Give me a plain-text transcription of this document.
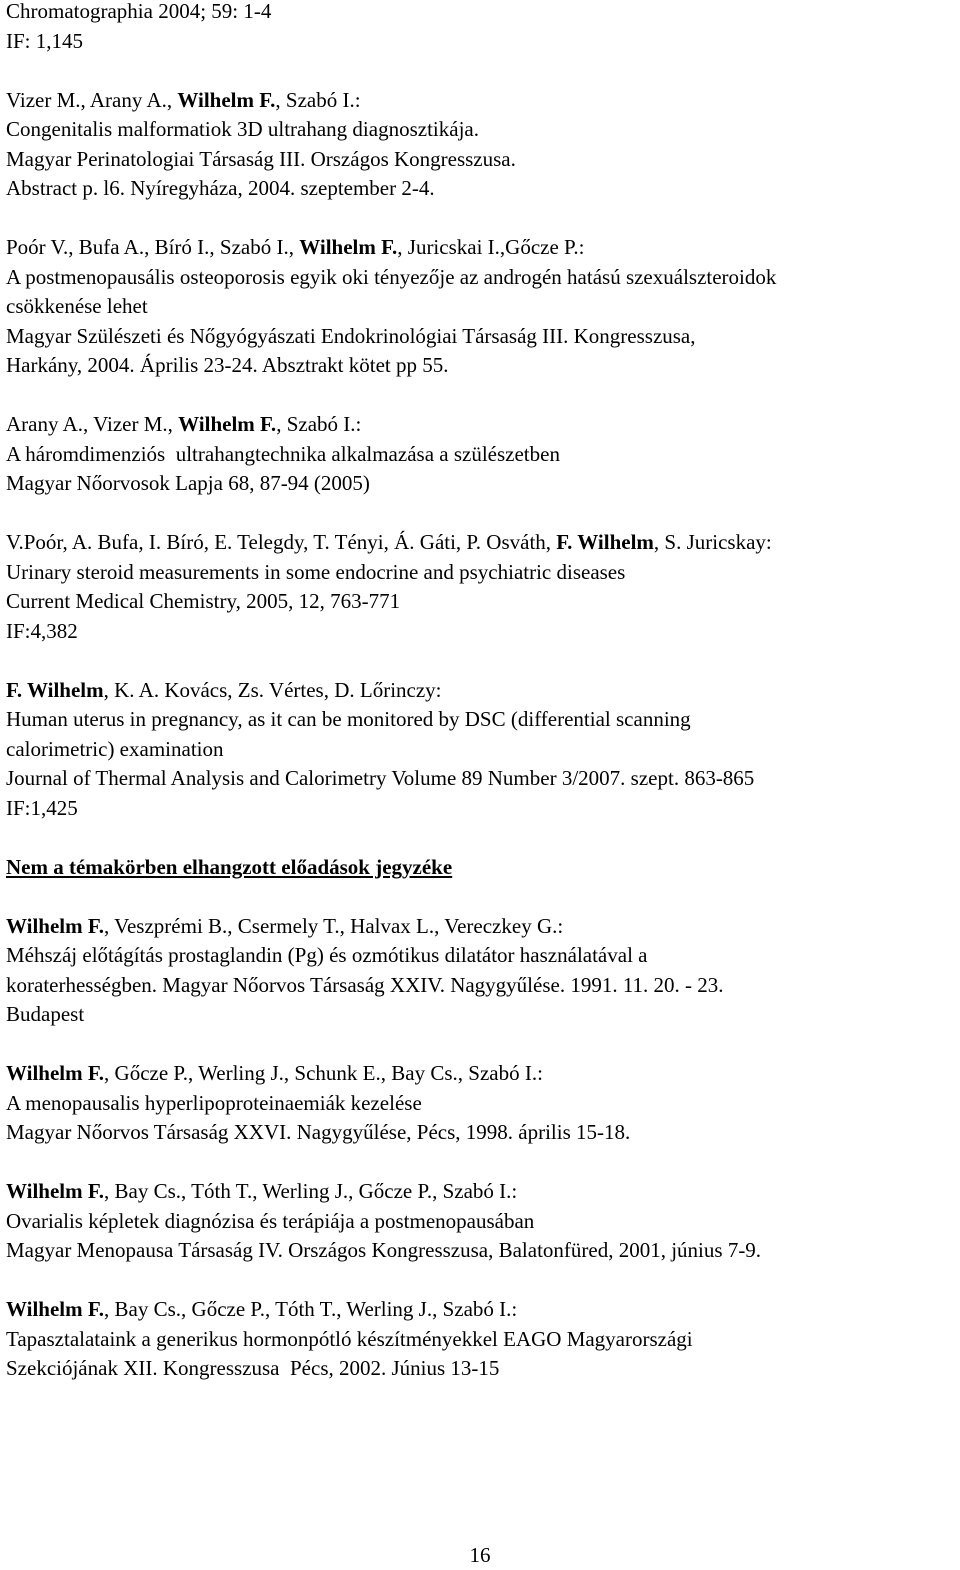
Chromatographia 2004; 59: 1-4
IF: 1,145
Vizer M., Arany A., Wilhelm F., Szabó I.:
Congenitalis malformatiok 3D ultrahang diagnosztikája.
Magyar Perinatologiai Társaság III. Országos Kongresszusa.
Abstract p. l6. Nyíregyháza, 2004. szeptember 2-4.
Poór V., Bufa A., Bíró I., Szabó I., Wilhelm F., Juricskai I.,Gőcze P.:
A postmenopausális osteoporosis egyik oki tényezője az androgén hatású szexuálszteroidok
csökkenése lehet
Magyar Szülészeti és Nőgyógyászati Endokrinológiai Társaság III. Kongresszusa,
Harkány, 2004. Április 23-24. Absztrakt kötet pp 55.
Arany A., Vizer M., Wilhelm F., Szabó I.:
A háromdimenziós  ultrahangtechnika alkalmazása a szülészetben
Magyar Nőorvosok Lapja 68, 87-94 (2005)
V.Poór, A. Bufa, I. Bíró, E. Telegdy, T. Tényi, Á. Gáti, P. Osváth, F. Wilhelm, S. Juricskay:
Urinary steroid measurements in some endocrine and psychiatric diseases
Current Medical Chemistry, 2005, 12, 763-771
IF:4,382
F. Wilhelm, K. A. Kovács, Zs. Vértes, D. Lőrinczy:
Human uterus in pregnancy, as it can be monitored by DSC (differential scanning
calorimetric) examination
Journal of Thermal Analysis and Calorimetry Volume 89 Number 3/2007. szept. 863-865
IF:1,425
Nem a témakörben elhangzott előadások jegyzéke
Wilhelm F., Veszprémi B., Csermely T., Halvax L., Vereczkey G.:
Méhszáj előtágítás prostaglandin (Pg) és ozmótikus dilatátor használatával a
koraterhességben. Magyar Nőorvos Társaság XXIV. Nagygyűlése. 1991. 11. 20. - 23.
Budapest
Wilhelm F., Gőcze P., Werling J., Schunk E., Bay Cs., Szabó I.:
A menopausalis hyperlipoproteinaemiák kezelése
Magyar Nőorvos Társaság XXVI. Nagygyűlése, Pécs, 1998. április 15-18.
Wilhelm F., Bay Cs., Tóth T., Werling J., Gőcze P., Szabó I.:
Ovarialis képletek diagnózisa és terápiája a postmenopausában
Magyar Menopausa Társaság IV. Országos Kongresszusa, Balatonfüred, 2001, június 7-9.
Wilhelm F., Bay Cs., Gőcze P., Tóth T., Werling J., Szabó I.:
Tapasztalataink a generikus hormonpótló készítményekkel EAGO Magyarországi
Szekciójának XII. Kongresszusa  Pécs, 2002. Június 13-15
16
